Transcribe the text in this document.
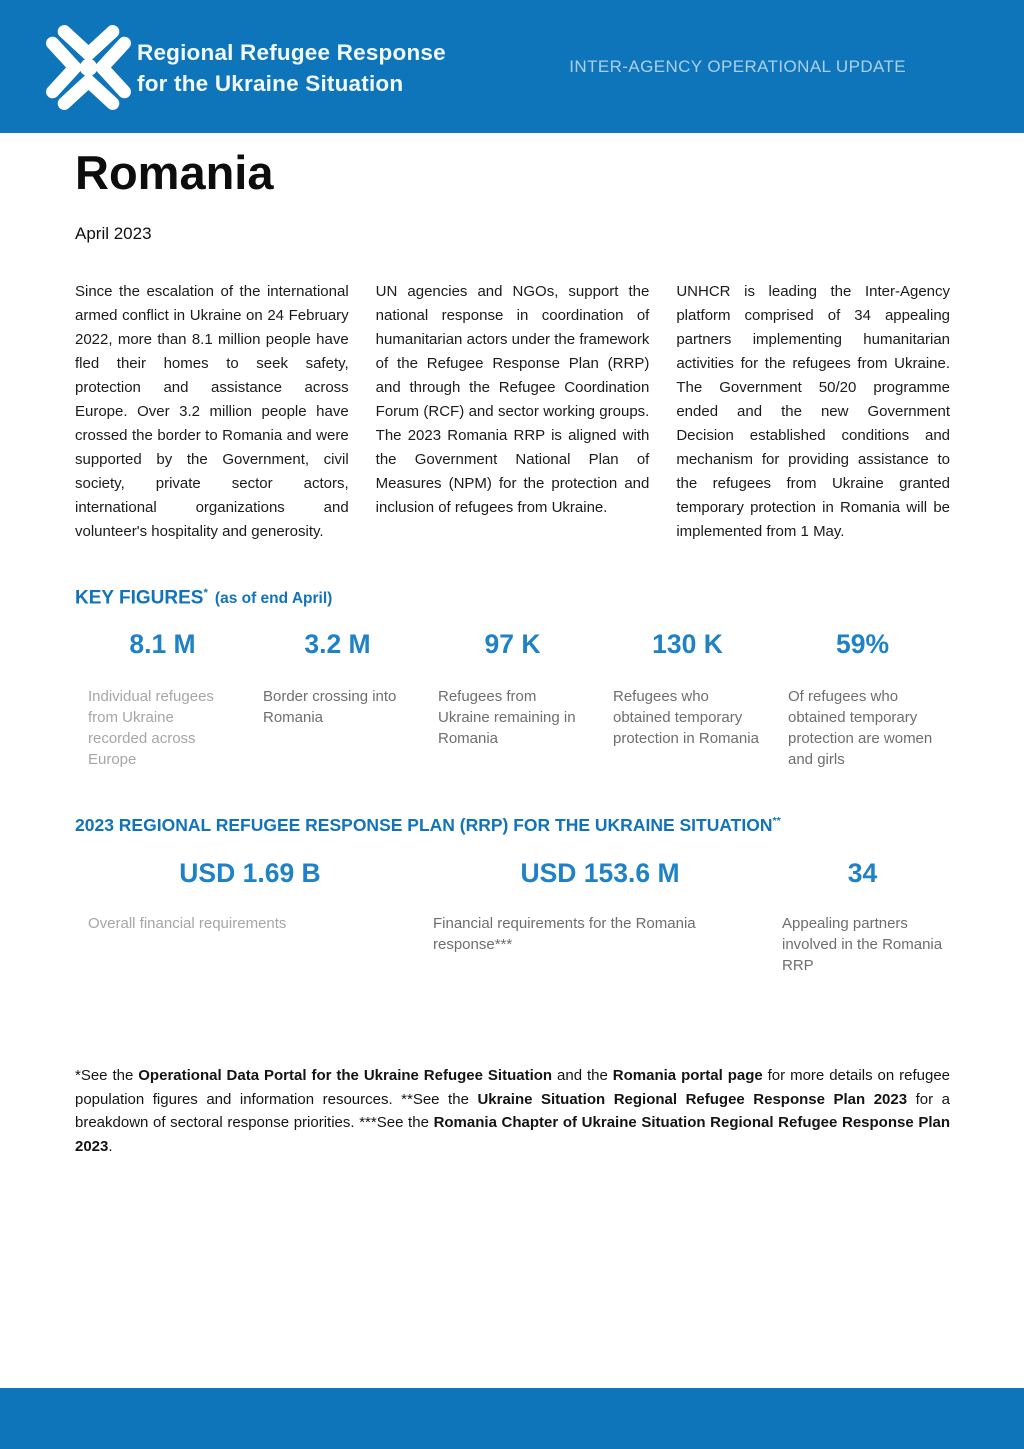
Regional Refugee Response
for the Ukraine Situation
INTER-AGENCY OPERATIONAL UPDATE
Romania
April 2023

Since the escalation of the international armed conflict in Ukraine on 24 February 2022, more than 8.1 million people have fled their homes to seek safety, protection and assistance across Europe. Over 3.2 million people have crossed the border to Romania and were supported by the Government, civil society, private sector actors, international organizations and volunteer's hospitality and generosity.

UN agencies and NGOs, support the national response in coordination of humanitarian actors under the framework of the Refugee Response Plan (RRP) and through the Refugee Coordination Forum (RCF) and sector working groups. The 2023 Romania RRP is aligned with the Government National Plan of Measures (NPM) for the protection and inclusion of refugees from Ukraine.

UNHCR is leading the Inter-Agency platform comprised of 34 appealing partners implementing humanitarian activities for the refugees from Ukraine. The Government 50/20 programme ended and the new Government Decision established conditions and mechanism for providing assistance to the refugees from Ukraine granted temporary protection in Romania will be implemented from 1 May.

KEY FIGURES* (as of end April)
8.1 M
Individual refugees from Ukraine recorded across Europe
3.2 M
Border crossing into Romania
97 K
Refugees from Ukraine remaining in Romania
130 K
Refugees who obtained temporary protection in Romania
59%
Of refugees who obtained temporary protection are women and girls
2023 REGIONAL REFUGEE RESPONSE PLAN (RRP) FOR THE UKRAINE SITUATION**
USD 1.69 B
Overall financial requirements
USD 153.6 M
Financial requirements for the Romania response***
34
Appealing partners involved in the Romania RRP

*See the Operational Data Portal for the Ukraine Refugee Situation and the Romania portal page for more details on refugee population figures and information resources. **See the Ukraine Situation Regional Refugee Response Plan 2023 for a breakdown of sectoral response priorities. ***See the Romania Chapter of Ukraine Situation Regional Refugee Response Plan 2023.
